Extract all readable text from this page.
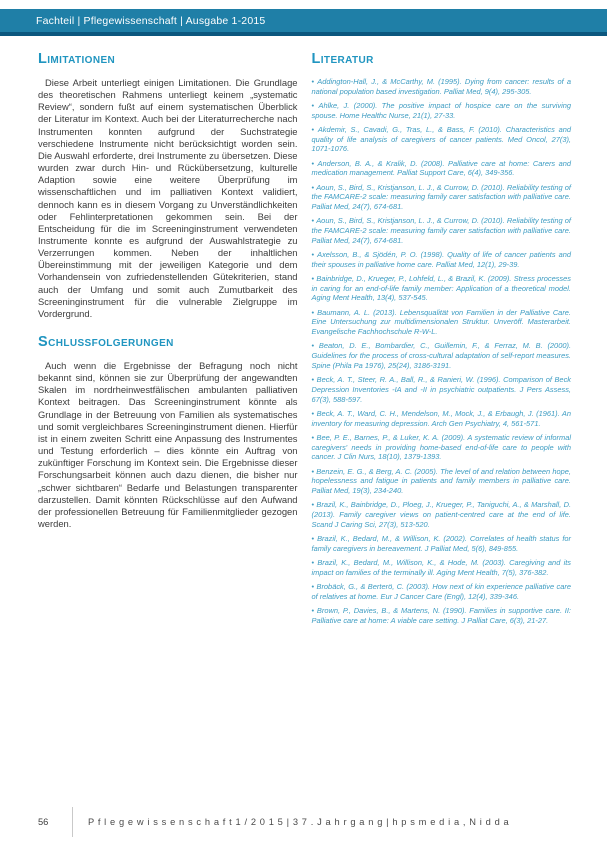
Fachteil | Pflegewissenschaft | Ausgabe 1-2015
Limitationen

Diese Arbeit unterliegt einigen Limitationen. Die Grundlage des theoretischen Rahmens unterliegt keinem „systematic Review“, sondern fußt auf einem systematischen Überblick der Literatur im Kontext. Auch bei der Literaturrecherche nach Instrumenten konnten aufgrund der Suchstrategie verschiedene Instrumente nicht berücksichtigt worden sein. Die Auswahl erforderte, drei Instrumente zu übersetzen. Diese wurden zwar durch Hin- und Rückübersetzung, kulturelle Adaption sowie eine weitere Überprüfung im wissenschaftlichen und im palliativen Kontext validiert, dennoch kann es in diesem Vorgang zu Unverständlichkeiten oder Fehlinterpretationen gekommen sein. Bei der Entscheidung für die im Screeninginstrument verwendeten Instrumente konnte es aufgrund der Auswahlstrategie zu Verzerrungen kommen. Neben der inhaltlichen Übereinstimmung mit der jeweiligen Kategorie und dem Vorhandensein von zufriedenstellenden Gütekriterien, stand auch der Umfang und somit auch Zumutbarkeit des Screeninginstrument für die vulnerable Zielgruppe im Vordergrund.

Schlussfolgerungen

Auch wenn die Ergebnisse der Befragung noch nicht bekannt sind, können sie zur Überprüfung der angewandten Skalen im nordrheinwestfälischen ambulanten palliativen Kontext beitragen. Das Screeninginstrument könnte als Grundlage in der Betreuung von Familien als systematisches und somit vergleichbares Screeninginstrument dienen. Hierfür ist in einem zweiten Schritt eine Anpassung des Instrumentes und Testung erforderlich – dies könnte ein Auftrag von zukünftiger Forschung im Kontext sein. Die Ergebnisse dieser Forschungsarbeit können auch dazu dienen, die bisher nur „schwer sichtbaren“ Bedarfe und Belastungen transparenter darzustellen. Damit könnten Rückschlüsse auf den Aufwand der professionellen Betreuung für Familienmitglieder gezogen werden.

Literatur
• Addington-Hall, J., & McCarthy, M. (1995). Dying from cancer: results of a national population based investigation. Palliat Med, 9(4), 295-305.
• Ahlke, J. (2000). The positive impact of hospice care on the surviving spouse. Home Healthc Nurse, 21(1), 27-33.
• Akdemir, S., Cavadi, G., Tras, L., & Bass, F. (2010). Characteristics and quality of life analysis of caregivers of cancer patients. Med Oncol, 27(3), 1071-1076.
• Anderson, B. A., & Kralik, D. (2008). Palliative care at home: Carers and medication management. Palliat Support Care, 6(4), 349-356.
• Aoun, S., Bird, S., Kristjanson, L. J., & Currow, D. (2010). Reliability testing of the FAMCARE-2 scale: measuring family carer satisfaction with palliative care. Palliat Med, 24(7), 674-681.
• Aoun, S., Bird, S., Kristjanson, L. J., & Currow, D. (2010). Reliability testing of the FAMCARE-2 scale: measuring family carer satisfaction with palliative care. Palliat Med, 24(7), 674-681.
• Axelsson, B., & Sjödén, P. O. (1998). Quality of life of cancer patients and their spouses in palliative home care. Palliat Med, 12(1), 29-39.
• Bainbridge, D., Krueger, P., Lohfeld, L., & Brazil, K. (2009). Stress processes in caring for an end-of-life family member: Application of a theoretical model. Aging Ment Health, 13(4), 537-545.
• Baumann, A. L. (2013). Lebensqualität von Familien in der Palliative Care. Eine Untersuchung zur multidimensionalen Struktur. Unveröff. Masterarbeit. Evangelische Fachhochschule R-W-L.
• Beaton, D. E., Bombardier, C., Guillemin, F., & Ferraz, M. B. (2000). Guidelines for the process of cross-cultural adaptation of self-report measures. Spine (Phila Pa 1976), 25(24), 3186-3191.
• Beck, A. T., Steer, R. A., Ball, R., & Ranieri, W. (1996). Comparison of Beck Depression Inventories -IA and -II in psychiatric outpatients. J Pers Assess, 67(3), 588-597.
• Beck, A. T., Ward, C. H., Mendelson, M., Mock, J., & Erbaugh, J. (1961). An inventory for measuring depression. Arch Gen Psychiatry, 4, 561-571.
• Bee, P. E., Barnes, P., & Luker, K. A. (2009). A systematic review of informal caregivers' needs in providing home-based end-of-life care to people with cancer. J Clin Nurs, 18(10), 1379-1393.
• Benzein, E. G., & Berg, A. C. (2005). The level of and relation between hope, hopelessness and fatigue in patients and family members in palliative care. Palliat Med, 19(3), 234-240.
• Brazil, K., Bainbridge, D., Ploeg, J., Krueger, P., Taniguchi, A., & Marshall, D. (2013). Family caregiver views on patient-centred care at the end of life. Scand J Caring Sci, 27(3), 513-520.
• Brazil, K., Bedard, M., & Willison, K. (2002). Correlates of health status for family caregivers in bereavement. J Palliat Med, 5(6), 849-855.
• Brazil, K., Bedard, M., Willison, K., & Hode, M. (2003). Caregiving and its impact on families of the terminally ill. Aging Ment Health, 7(5), 376-382.
• Brobäck, G., & Berterö, C. (2003). How next of kin experience palliative care of relatives at home. Eur J Cancer Care (Engl), 12(4), 339-346.
• Brown, P., Davies, B., & Martens, N. (1990). Families in supportive care. II: Palliative care at home: A viable care setting. J Palliat Care, 6(3), 21-27.
56	P f l e g e w i s s e n s c h a f t 1 / 2 0 1 5 | 3 7 . J a h r g a n g | h p s m e d i a , N i d d a
